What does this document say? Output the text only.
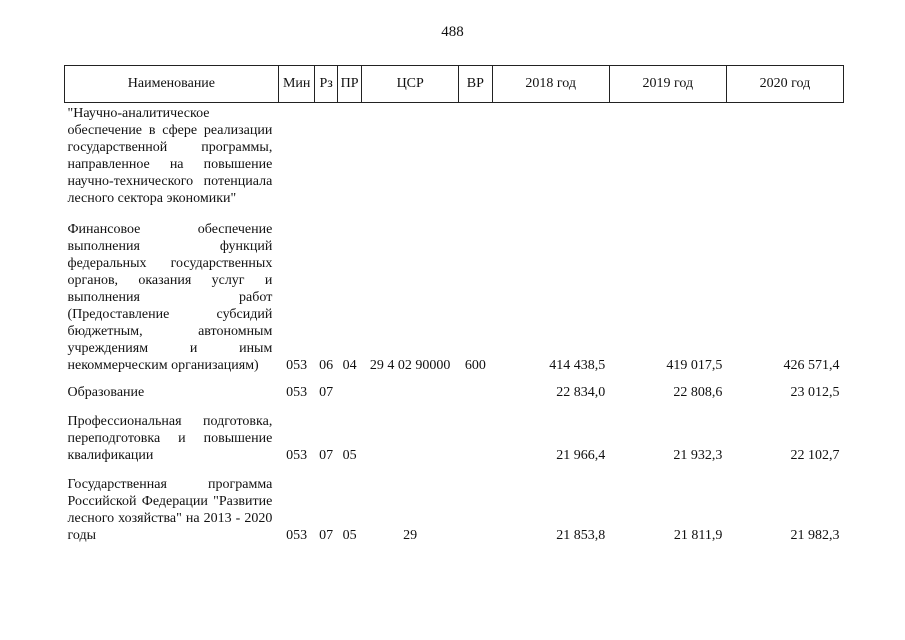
488
Наименование	Мин	Рз	ПР	ЦСР	ВР	2018 год	2019 год	2020 год
"Научно-аналитическое обеспечение в сфере реализации государственной программы, направленное на повышение научно-технического потенциала лесного сектора экономики"								

Финансовое обеспечение выполнения функций федеральных государственных органов, оказания услуг и выполнения работ (Предоставление субсидий бюджетным, автономным учреждениям и иным некоммерческим организациям)	053	06	04	29 4 02 90000	600	414 438,5	419 017,5	426 571,4

Образование	053	07				22 834,0	22 808,6	23 012,5

Профессиональная подготовка, переподготовка и повышение квалификации	053	07	05			21 966,4	21 932,3	22 102,7

Государственная программа Российской Федерации "Развитие лесного хозяйства" на 2013 - 2020 годы	053	07	05	29		21 853,8	21 811,9	21 982,3
